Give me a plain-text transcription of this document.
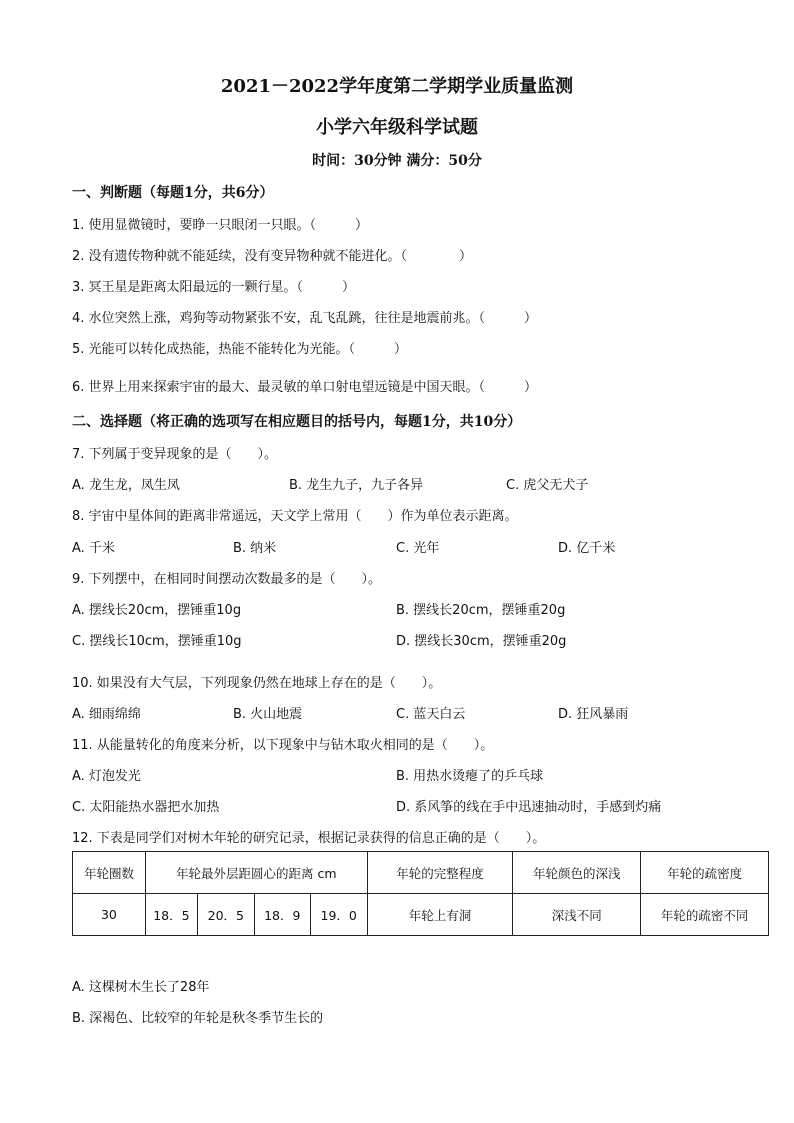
2021－2022学年度第二学期学业质量监测
小学六年级科学试题
时间：30分钟 满分：50分
一、判断题（每题1分，共6分）
1. 使用显微镜时，要睁一只眼闭一只眼。（　　　）
2. 没有遗传物种就不能延续，没有变异物种就不能进化。（　　　　）
3. 冥王星是距离太阳最远的一颗行星。（　　　）
4. 水位突然上涨，鸡狗等动物紧张不安，乱飞乱跳，往往是地震前兆。（　　　）
5. 光能可以转化成热能，热能不能转化为光能。（　　　）
6. 世界上用来探索宇宙的最大、最灵敏的单口射电望远镜是中国天眼。（　　　）
二、选择题（将正确的选项写在相应题目的括号内，每题1分，共10分）
7. 下列属于变异现象的是（　　）。
A. 龙生龙，凤生凤	B. 龙生九子，九子各异	C. 虎父无犬子
8. 宇宙中星体间的距离非常遥远，天文学上常用（　　）作为单位表示距离。
A. 千米	B. 纳米	C. 光年	D. 亿千米
9. 下列摆中，在相同时间摆动次数最多的是（　　）。
A. 摆线长20cm，摆锤重10g	B. 摆线长20cm，摆锤重20g
C. 摆线长10cm，摆锤重10g	D. 摆线长30cm，摆锤重20g
10. 如果没有大气层，下列现象仍然在地球上存在的是（　　）。
A. 细雨绵绵	B. 火山地震	C. 蓝天白云	D. 狂风暴雨
11. 从能量转化的角度来分析，以下现象中与钻木取火相同的是（　　）。
A. 灯泡发光	B. 用热水烫瘪了的乒乓球
C. 太阳能热水器把水加热	D. 系风筝的线在手中迅速抽动时，手感到灼痛
12. 下表是同学们对树木年轮的研究记录，根据记录获得的信息正确的是（　　）。
年轮圈数	年轮最外层距圆心的距离 cm				年轮的完整程度	年轮颜色的深浅	年轮的疏密度
30	18．5	20．5	18．9	19．0	年轮上有洞	深浅不同	年轮的疏密不同
A. 这棵树木生长了28年
B. 深褐色、比较窄的年轮是秋冬季节生长的
